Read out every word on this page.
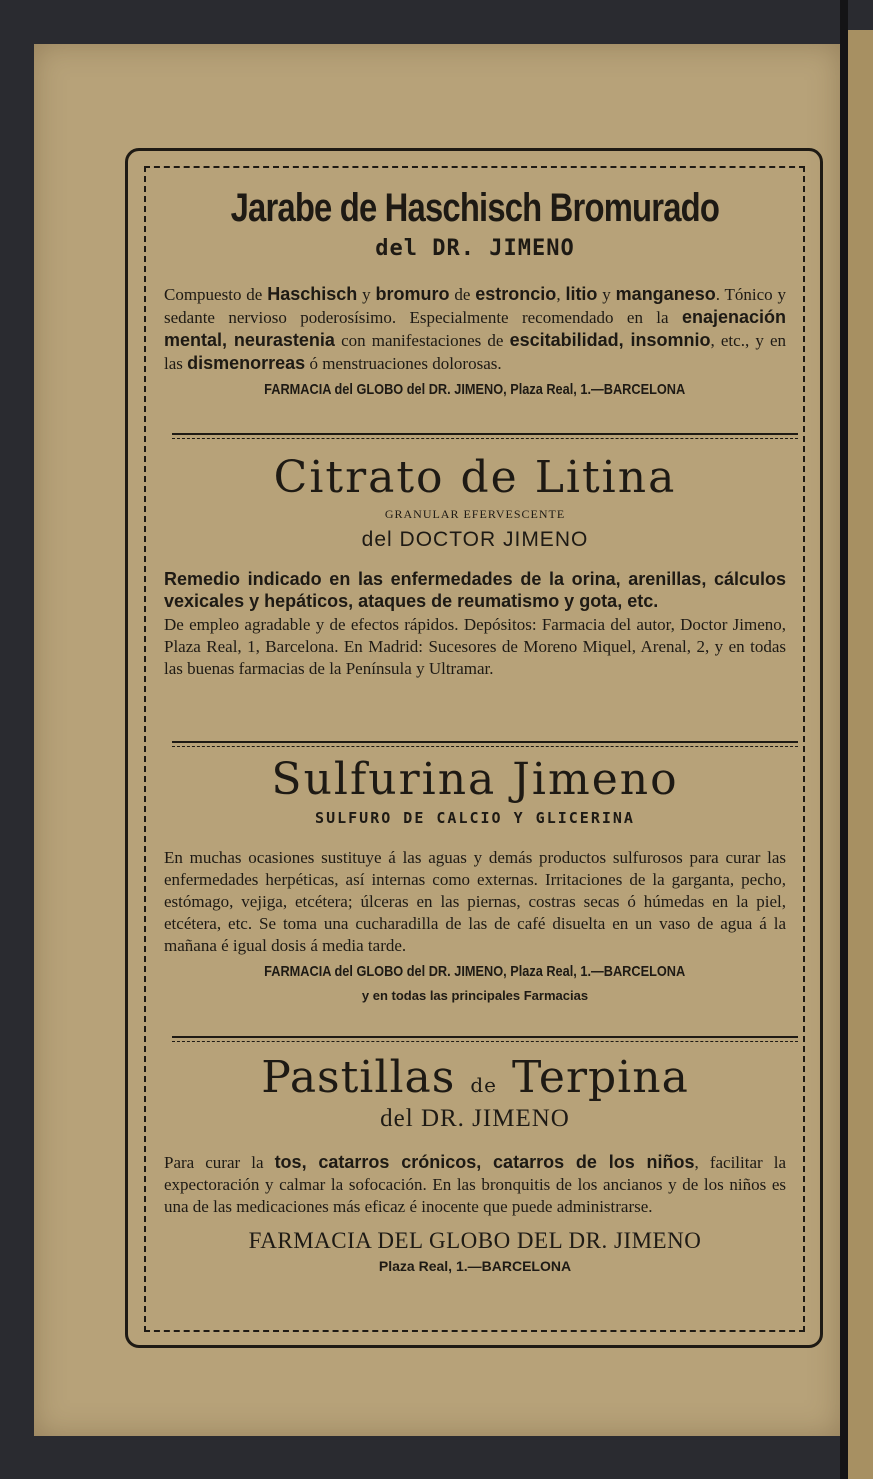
Jarabe de Haschisch Bromurado

del DR. JIMENO

Compuesto de Haschisch y bromuro de estroncio, litio y manganeso. Tónico y sedante nervioso poderosísimo. Especialmente recomendado en la enajenación mental, neurastenia con manifestaciones de escitabilidad, insomnio, etc., y en las dismenorreas ó menstruaciones dolorosas.

FARMACIA del GLOBO del DR. JIMENO, Plaza Real, 1.—BARCELONA

Citrato de Litina

GRANULAR EFERVESCENTE

del DOCTOR JIMENO

Remedio indicado en las enfermedades de la orina, arenillas, cálculos vexicales y hepáticos, ataques de reumatismo y gota, etc.

De empleo agradable y de efectos rápidos. Depósitos: Farmacia del autor, Doctor Jimeno, Plaza Real, 1, Barcelona. En Madrid: Sucesores de Moreno Miquel, Arenal, 2, y en todas las buenas farmacias de la Península y Ultramar.

Sulfurina Jimeno

SULFURO DE CALCIO Y GLICERINA

En muchas ocasiones sustituye á las aguas y demás productos sulfurosos para curar las enfermedades herpéticas, así internas como externas. Irritaciones de la garganta, pecho, estómago, vejiga, etcétera; úlceras en las piernas, costras secas ó húmedas en la piel, etcétera, etc. Se toma una cucharadilla de las de café disuelta en un vaso de agua á la mañana é igual dosis á media tarde.

FARMACIA del GLOBO del DR. JIMENO, Plaza Real, 1.—BARCELONA

y en todas las principales Farmacias

Pastillas de Terpina

del DR. JIMENO

Para curar la tos, catarros crónicos, catarros de los niños, facilitar la expectoración y calmar la sofocación. En las bronquitis de los ancianos y de los niños es una de las medicaciones más eficaz é inocente que puede administrarse.

FARMACIA DEL GLOBO DEL DR. JIMENO

Plaza Real, 1.—BARCELONA
